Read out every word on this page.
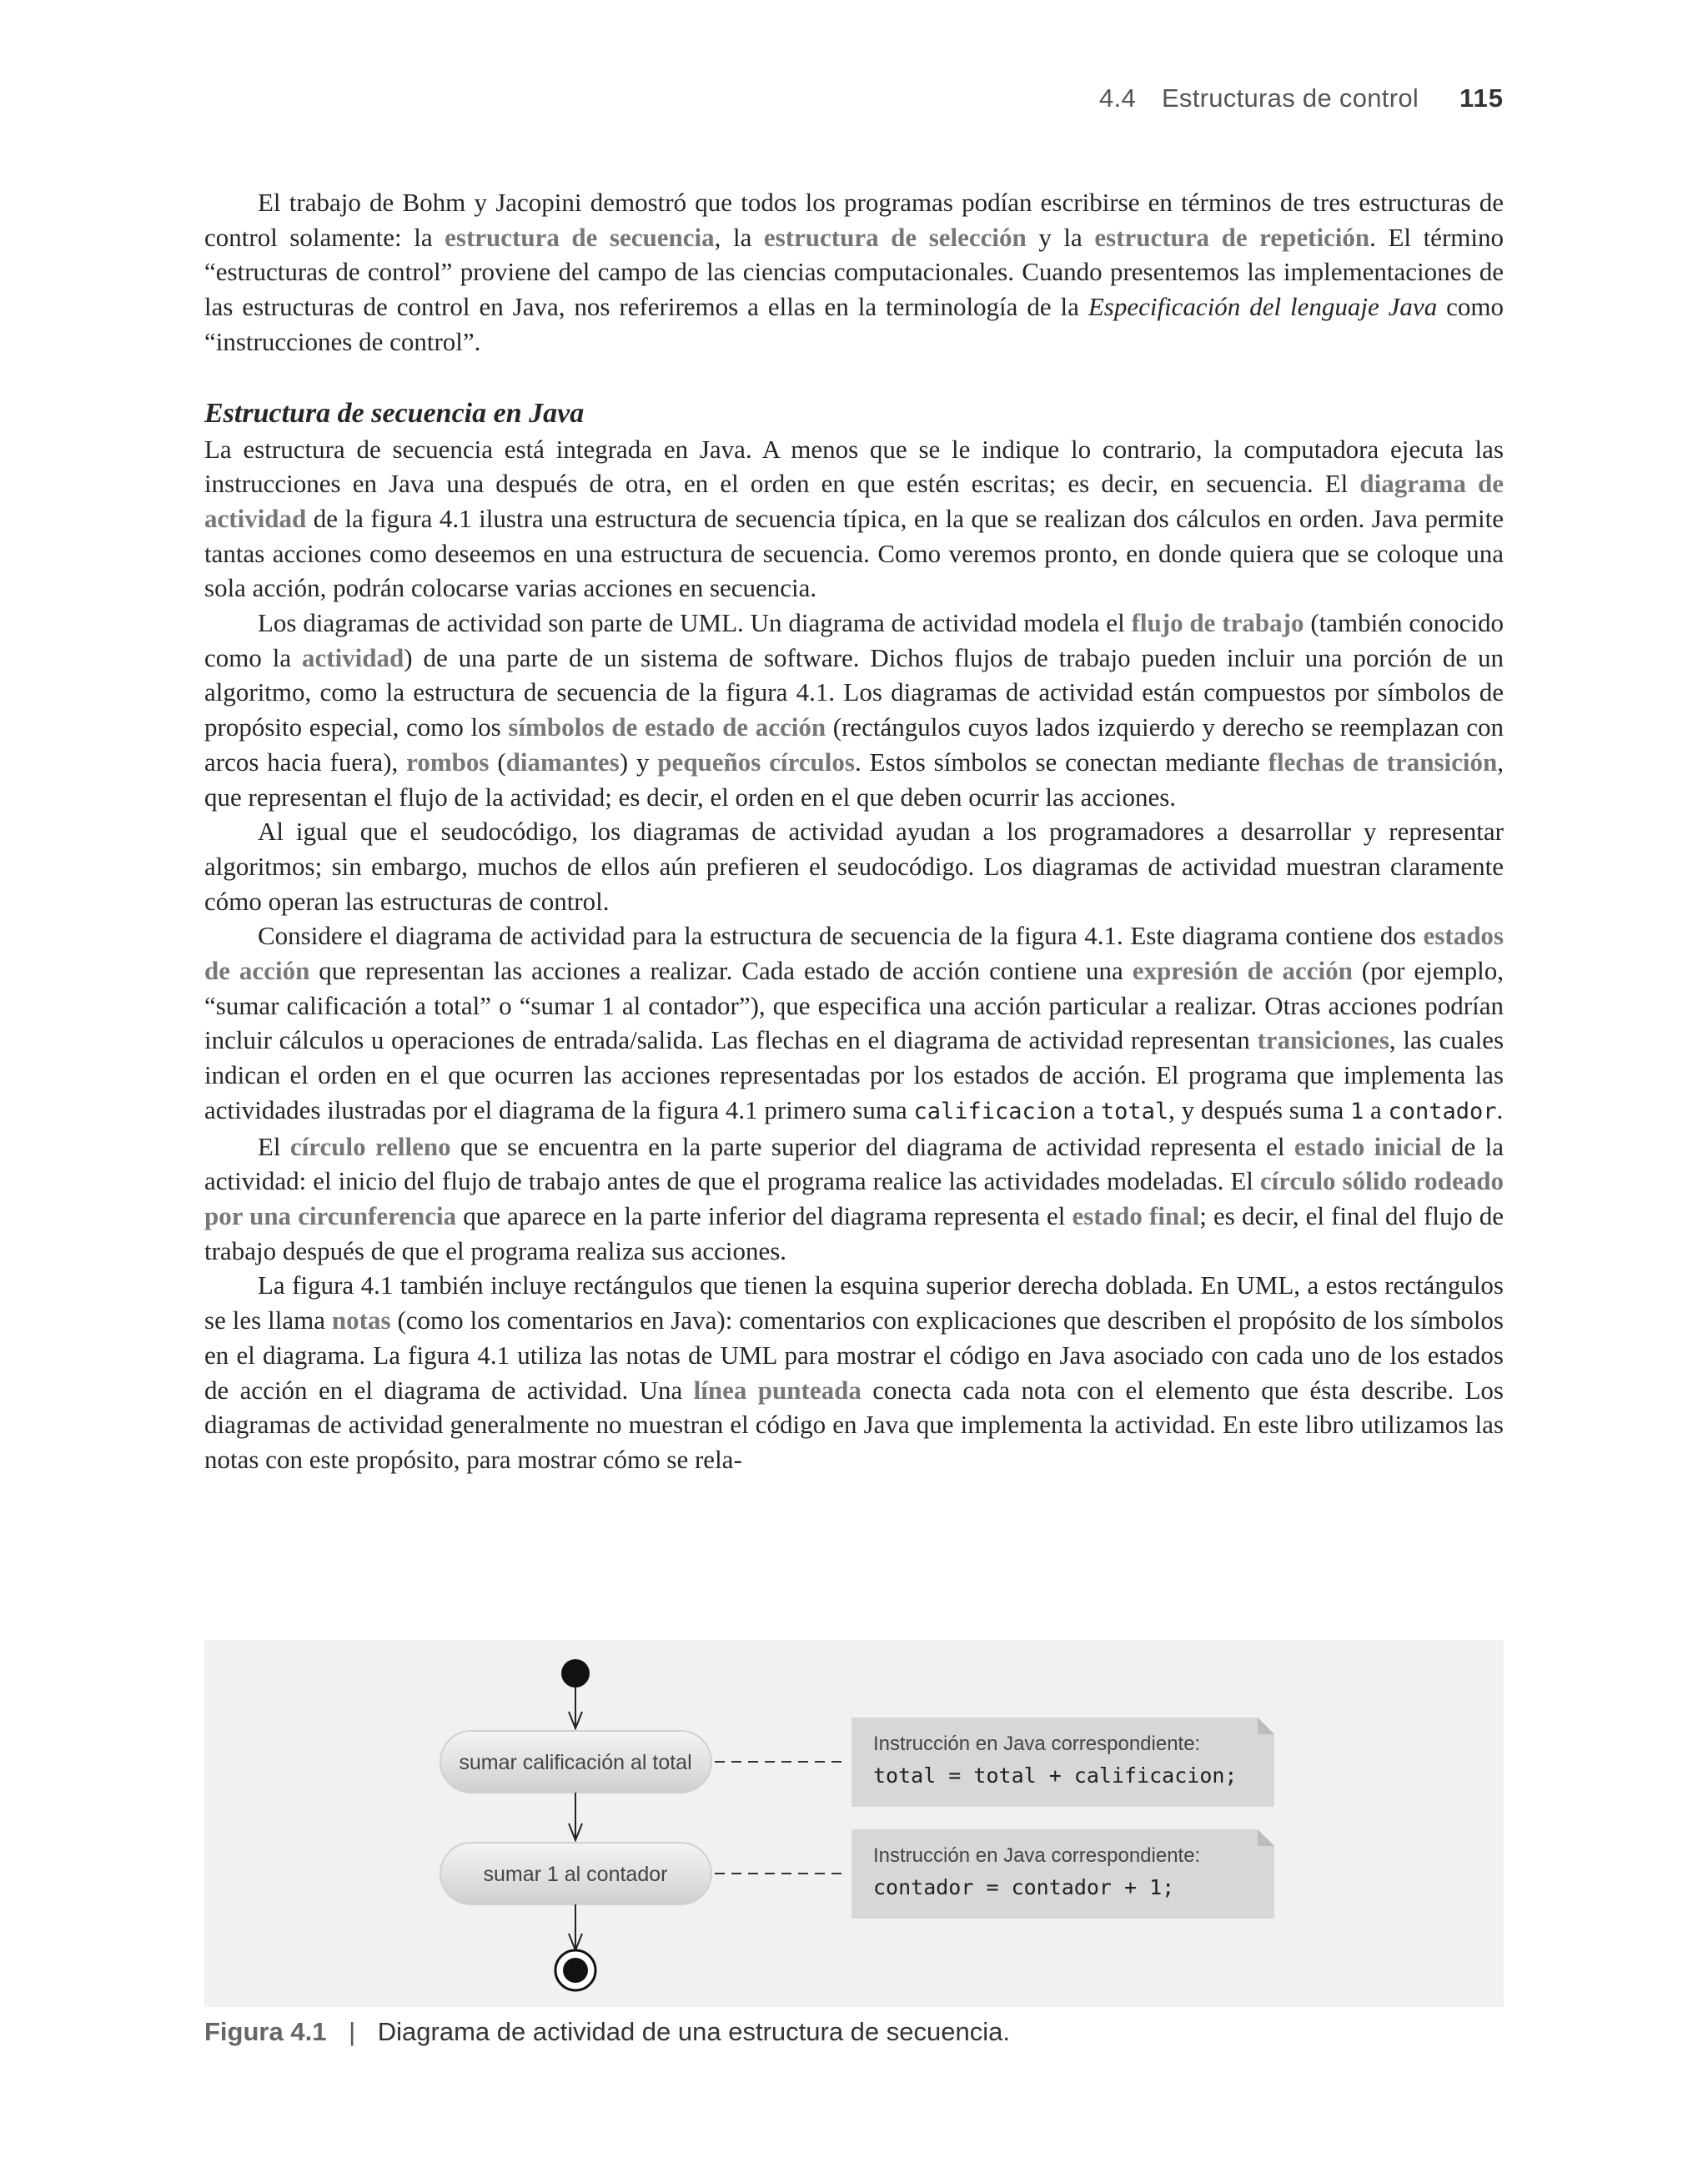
4.4 Estructuras de control 115

El trabajo de Bohm y Jacopini demostró que todos los programas podían escribirse en términos de tres estructuras de control solamente: la estructura de secuencia, la estructura de selección y la estructura de repetición. El término “estructuras de control” proviene del campo de las ciencias computacionales. Cuando presentemos las implementaciones de las estructuras de control en Java, nos referiremos a ellas en la terminología de la Especificación del lenguaje Java como “instrucciones de control”.

Estructura de secuencia en Java

La estructura de secuencia está integrada en Java. A menos que se le indique lo contrario, la computadora ejecuta las instrucciones en Java una después de otra, en el orden en que estén escritas; es decir, en secuencia. El diagrama de actividad de la figura 4.1 ilustra una estructura de secuencia típica, en la que se realizan dos cálculos en orden. Java permite tantas acciones como deseemos en una estructura de secuencia. Como veremos pronto, en donde quiera que se coloque una sola acción, podrán colocarse varias acciones en secuencia.

Los diagramas de actividad son parte de UML. Un diagrama de actividad modela el flujo de trabajo (también conocido como la actividad) de una parte de un sistema de software. Dichos flujos de trabajo pueden incluir una porción de un algoritmo, como la estructura de secuencia de la figura 4.1. Los diagramas de actividad están compuestos por símbolos de propósito especial, como los símbolos de estado de acción (rectángulos cuyos lados izquierdo y derecho se reemplazan con arcos hacia fuera), rombos (diamantes) y pequeños círculos. Estos símbolos se conectan mediante flechas de transición, que representan el flujo de la actividad; es decir, el orden en el que deben ocurrir las acciones.

Al igual que el seudocódigo, los diagramas de actividad ayudan a los programadores a desarrollar y representar algoritmos; sin embargo, muchos de ellos aún prefieren el seudocódigo. Los diagramas de actividad muestran claramente cómo operan las estructuras de control.

Considere el diagrama de actividad para la estructura de secuencia de la figura 4.1. Este diagrama contiene dos estados de acción que representan las acciones a realizar. Cada estado de acción contiene una expresión de acción (por ejemplo, “sumar calificación a total” o “sumar 1 al contador”), que especifica una acción particular a realizar. Otras acciones podrían incluir cálculos u operaciones de entrada/salida. Las flechas en el diagrama de actividad representan transiciones, las cuales indican el orden en el que ocurren las acciones representadas por los estados de acción. El programa que implementa las actividades ilustradas por el diagrama de la figura 4.1 primero suma calificacion a total, y después suma 1 a contador.

El círculo relleno que se encuentra en la parte superior del diagrama de actividad representa el estado inicial de la actividad: el inicio del flujo de trabajo antes de que el programa realice las actividades modeladas. El círculo sólido rodeado por una circunferencia que aparece en la parte inferior del diagrama representa el estado final; es decir, el final del flujo de trabajo después de que el programa realiza sus acciones.

La figura 4.1 también incluye rectángulos que tienen la esquina superior derecha doblada. En UML, a estos rectángulos se les llama notas (como los comentarios en Java): comentarios con explicaciones que describen el propósito de los símbolos en el diagrama. La figura 4.1 utiliza las notas de UML para mostrar el código en Java asociado con cada uno de los estados de acción en el diagrama de actividad. Una línea punteada conecta cada nota con el elemento que ésta describe. Los diagramas de actividad generalmente no muestran el código en Java que implementa la actividad. En este libro utilizamos las notas con este propósito, para mostrar cómo se rela-

sumar calificación al total
Instrucción en Java correspondiente:
total = total + calificacion;
sumar 1 al contador
Instrucción en Java correspondiente:
contador = contador + 1;
Figura 4.1 | Diagrama de actividad de una estructura de secuencia.
